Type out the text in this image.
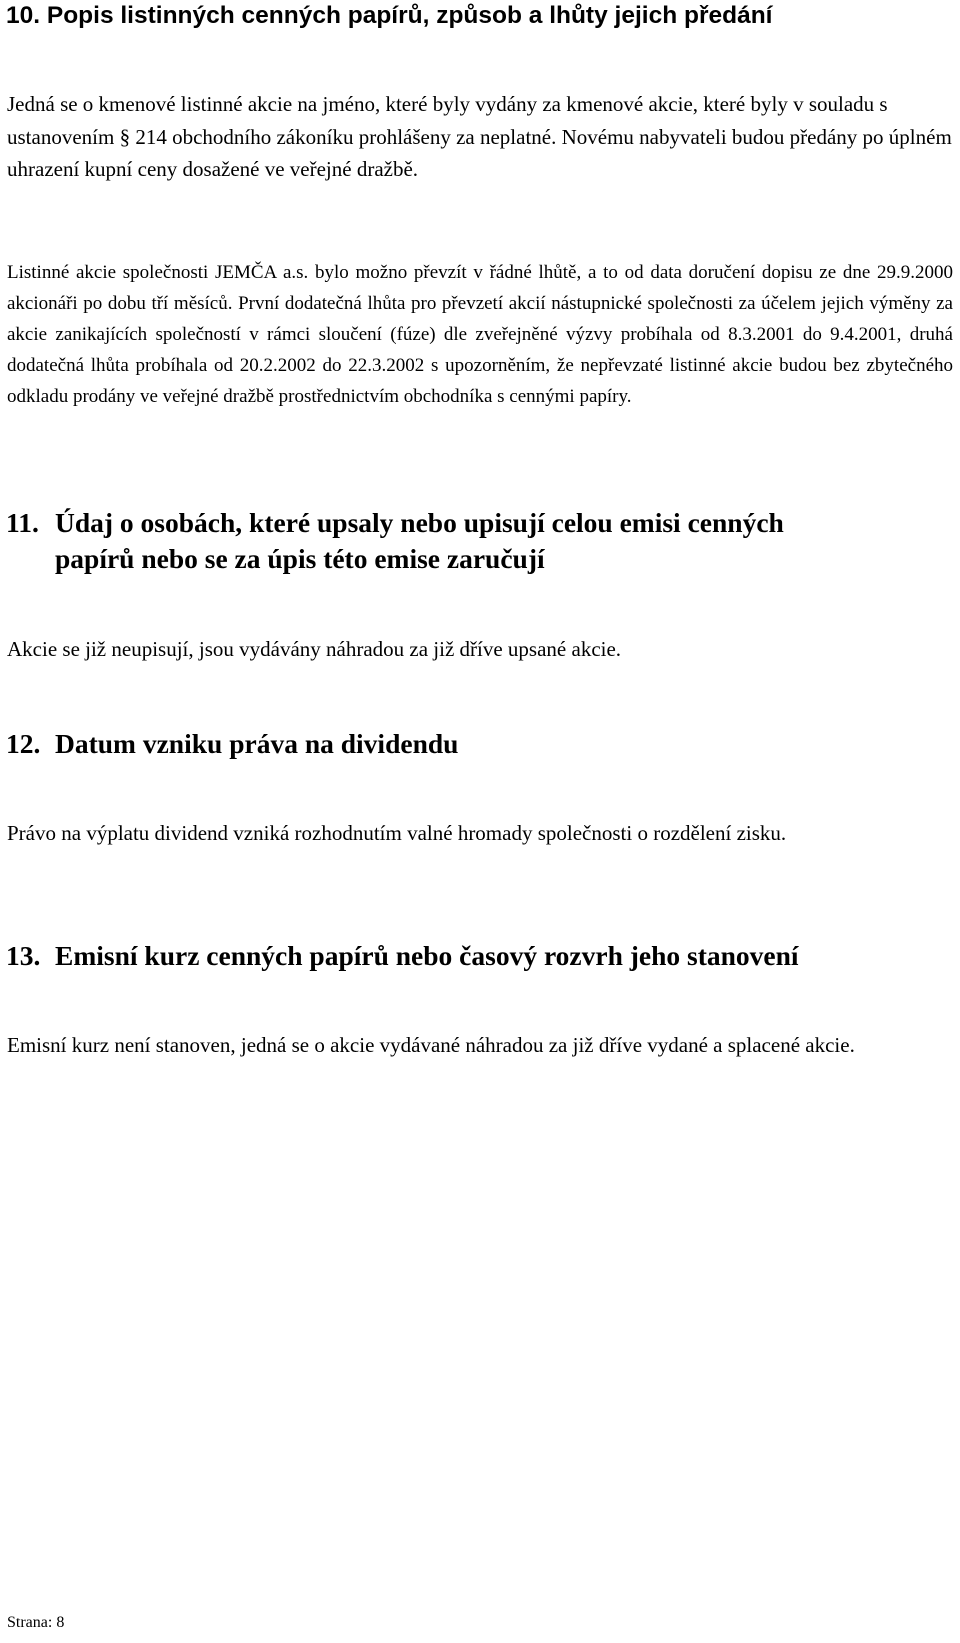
10. Popis listinných cenných papírů, způsob a lhůty jejich předání

Jedná se o kmenové listinné akcie na jméno, které byly vydány za kmenové akcie, které byly v souladu s ustanovením § 214 obchodního zákoníku prohlášeny za neplatné. Novému nabyvateli budou předány po úplném uhrazení kupní ceny dosažené ve veřejné dražbě.

Listinné akcie společnosti JEMČA a.s. bylo možno převzít v řádné lhůtě, a to od data doručení dopisu ze dne 29.9.2000 akcionáři po dobu tří měsíců. První dodatečná lhůta pro převzetí akcií nástupnické společnosti za účelem jejich výměny za akcie zanikajících společností v rámci sloučení (fúze) dle zveřejněné výzvy probíhala od 8.3.2001 do 9.4.2001, druhá dodatečná lhůta probíhala od 20.2.2002 do 22.3.2002 s upozorněním, že nepřevzaté listinné akcie budou bez zbytečného odkladu prodány ve veřejné dražbě prostřednictvím obchodníka s cennými papíry.

11. Údaj o osobách, které upsaly nebo upisují celou emisi cenných
papírů nebo se za úpis této emise zaručují

Akcie se již neupisují, jsou vydávány náhradou za již dříve upsané akcie.

12. Datum vzniku práva na dividendu

Právo na výplatu dividend vzniká rozhodnutím valné hromady společnosti o rozdělení zisku.

13. Emisní kurz cenných papírů nebo časový rozvrh jeho stanovení

Emisní kurz není stanoven, jedná se o akcie vydávané náhradou za již dříve vydané a splacené akcie.

Strana: 8
